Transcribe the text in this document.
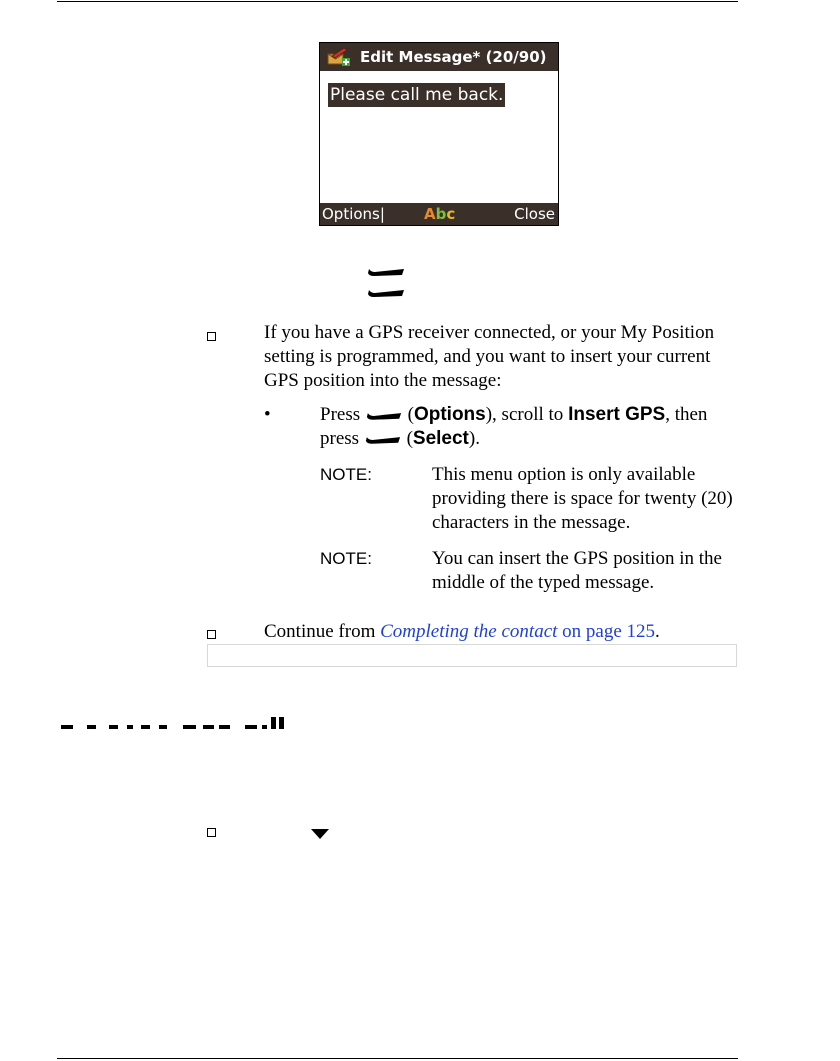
Edit Message* (20/90)
Please call me back.
Options|	Abc	Close
If you have a GPS receiver connected, or your My Position setting is programmed, and you want to insert your current GPS position into the message:
•	Press	(Options), scroll to Insert GPS, then press	(Select).
NOTE:	This menu option is only available providing there is space for twenty (20) characters in the message.
NOTE:	You can insert the GPS position in the middle of the typed message.
Continue from Completing the contact on page 125.
